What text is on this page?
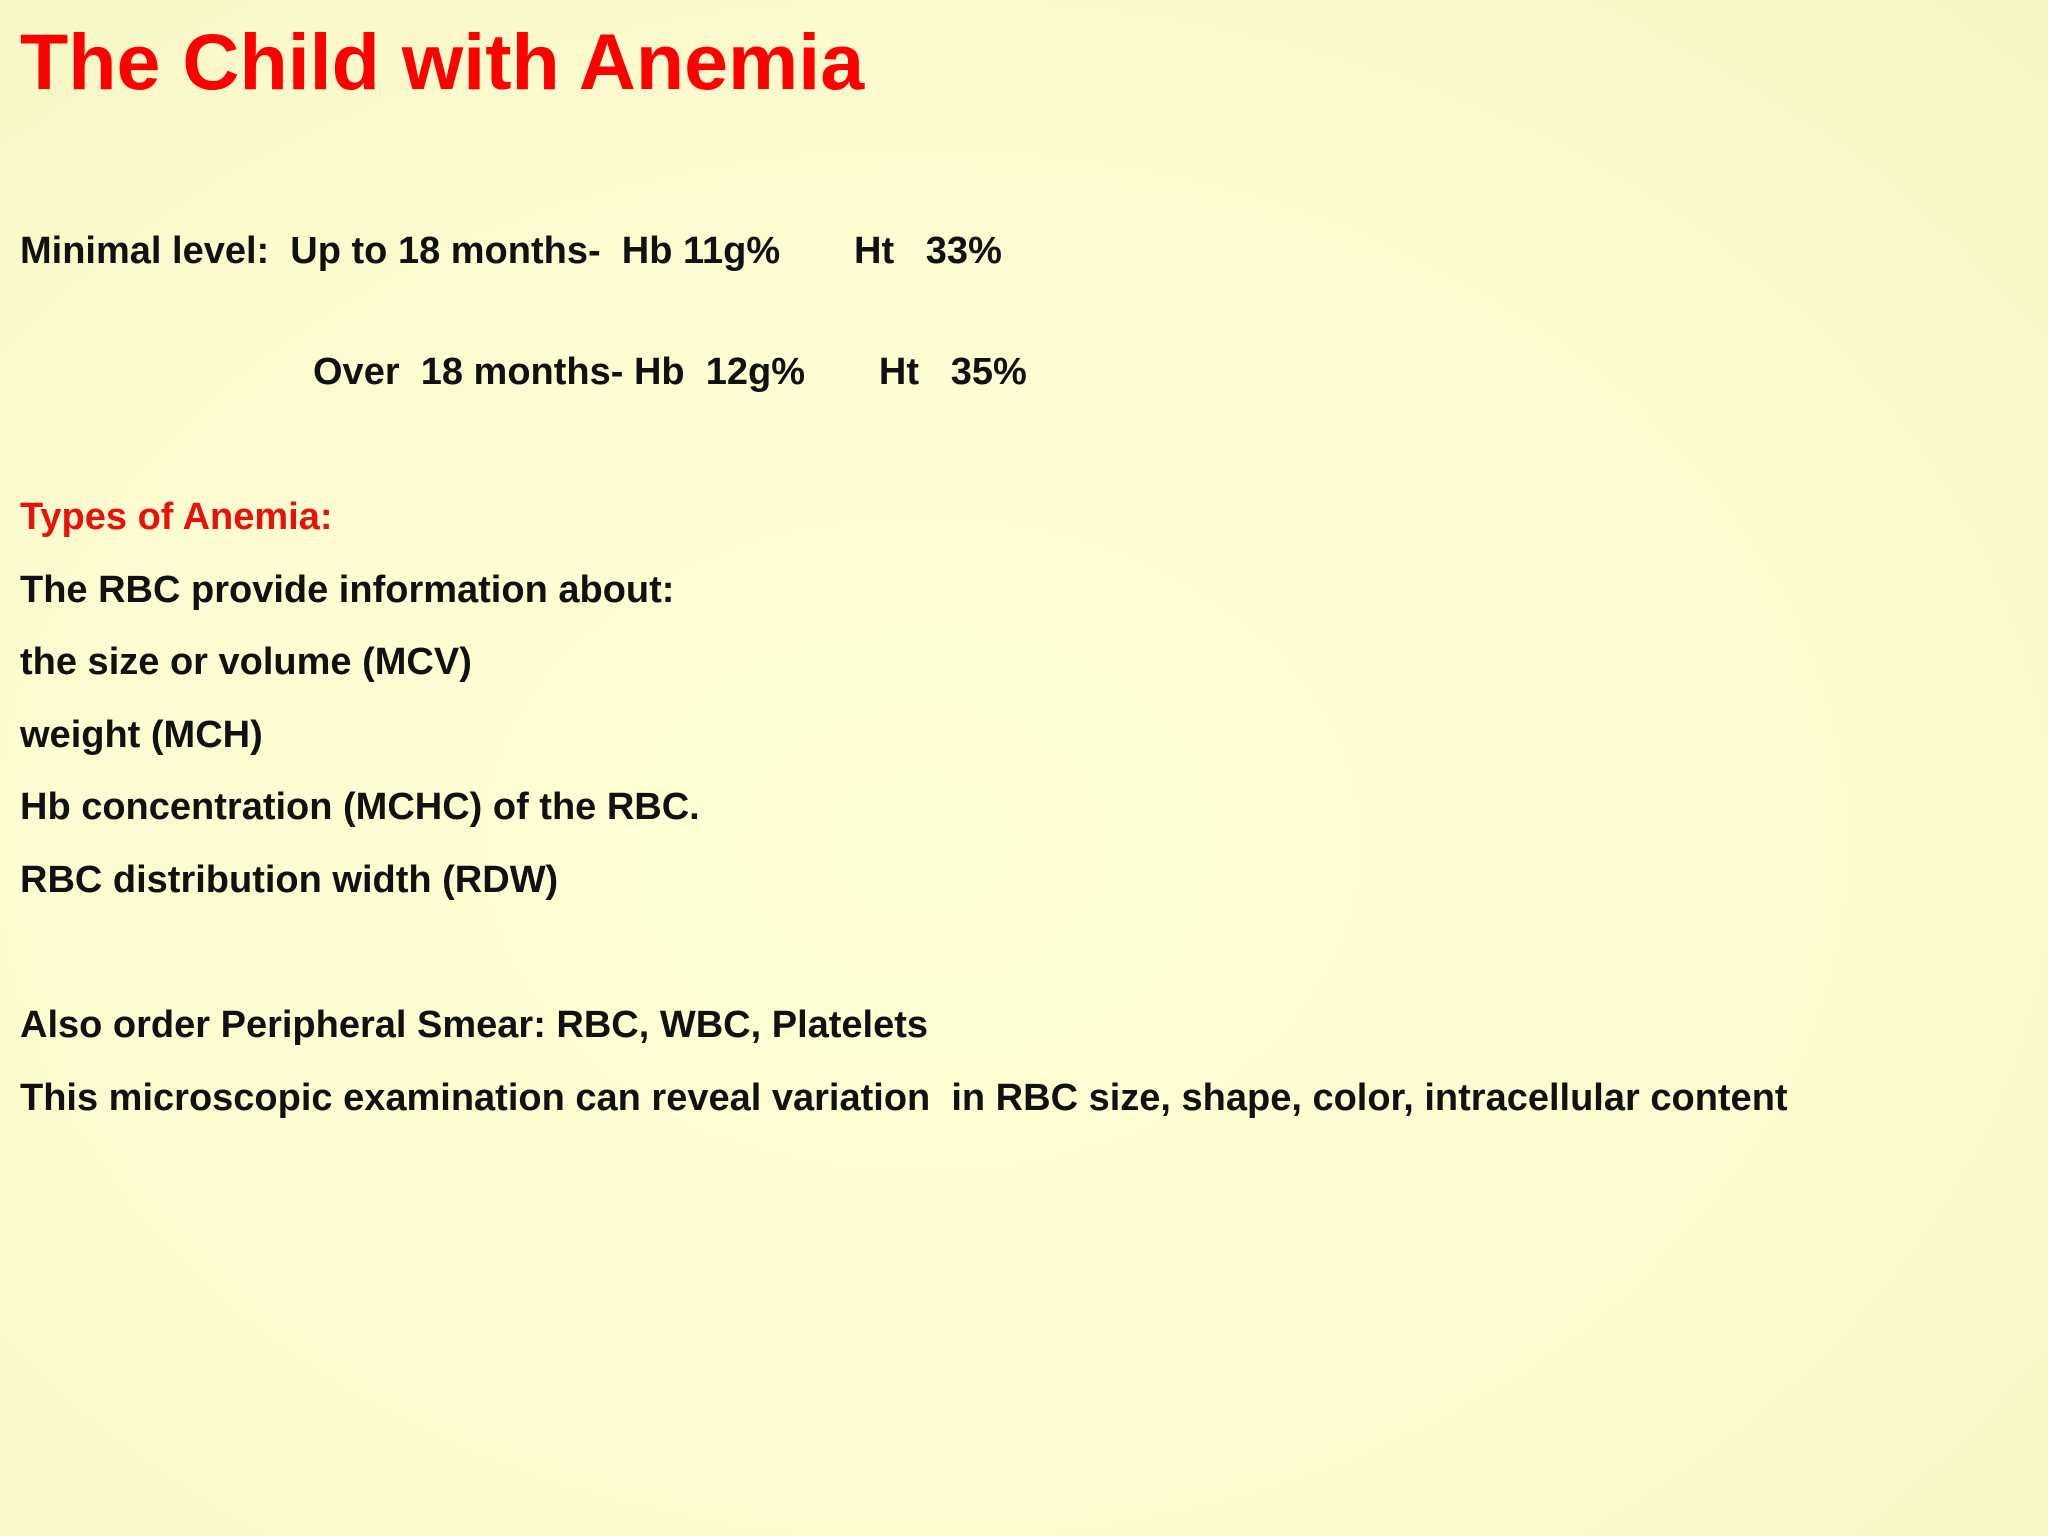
The Child with Anemia

Minimal level:  Up to 18 months-  Hb 11g%       Ht   33%

Over  18 months- Hb  12g%       Ht   35%

Types of Anemia:

The RBC provide information about:

the size or volume (MCV)

weight (MCH)

Hb concentration (MCHC) of the RBC.

RBC distribution width (RDW)

Also order Peripheral Smear: RBC, WBC, Platelets

This microscopic examination can reveal variation  in RBC size, shape, color, intracellular content
